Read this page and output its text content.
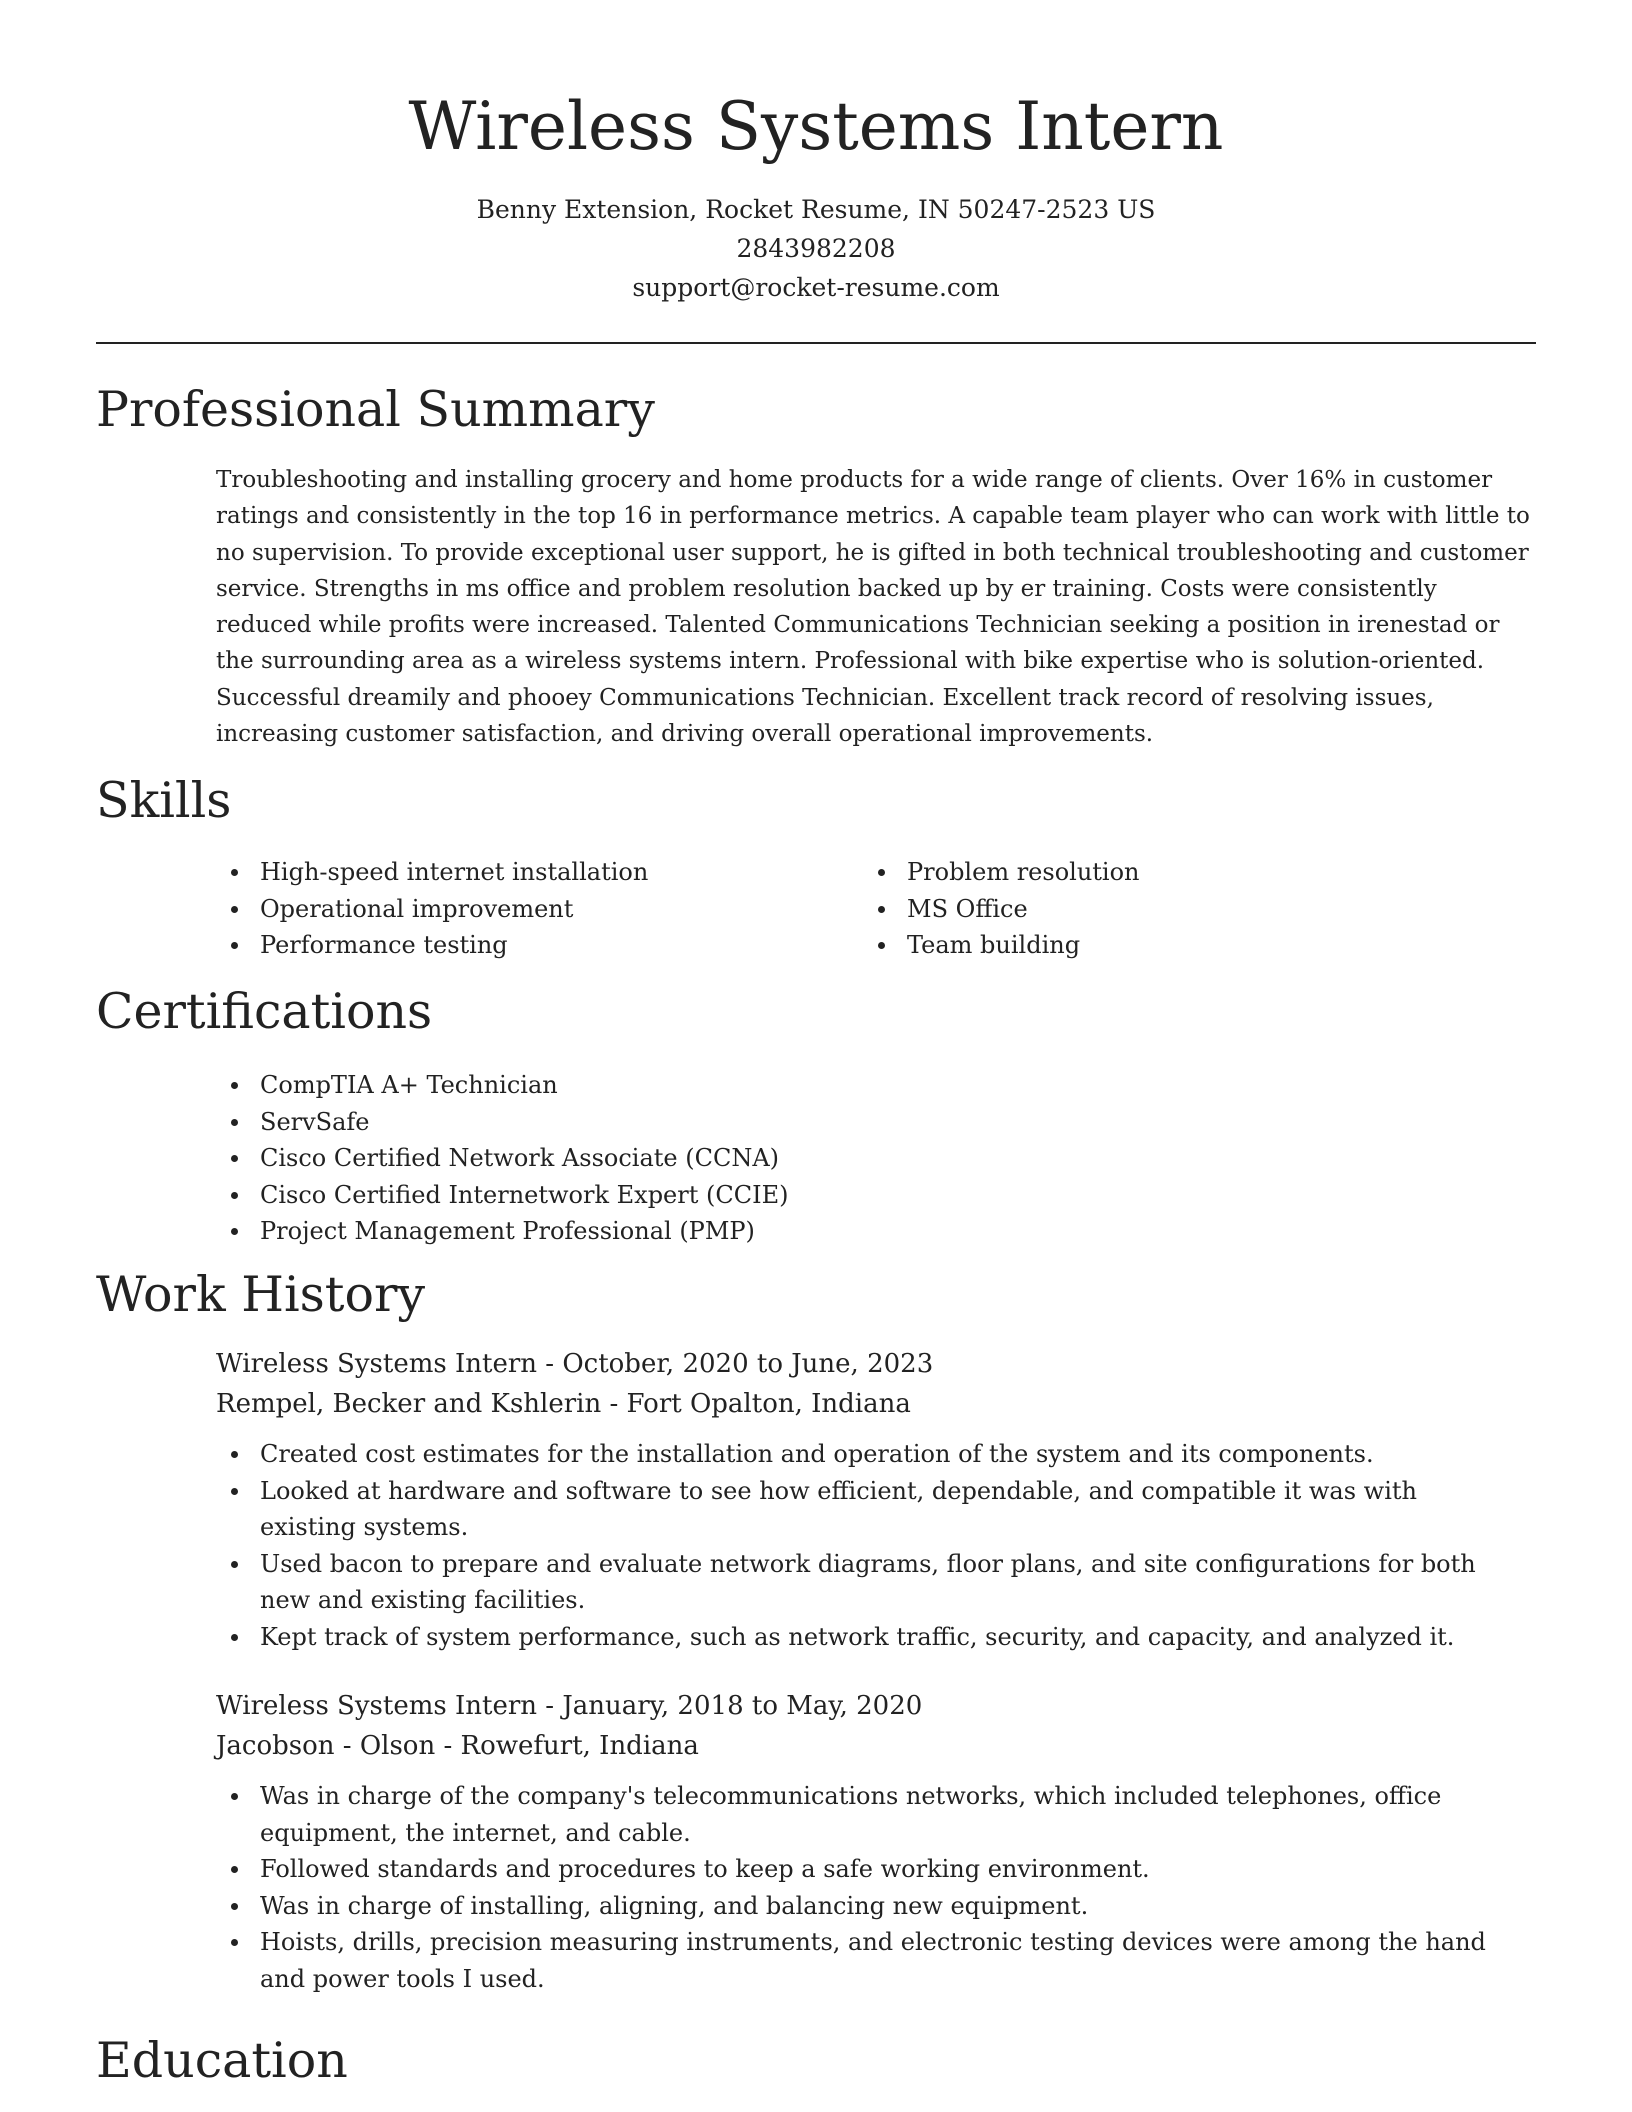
Wireless Systems Intern
Benny Extension, Rocket Resume, IN 50247-2523 US
2843982208
support@rocket-resume.com
Professional Summary

Troubleshooting and installing grocery and home products for a wide range of clients. Over 16% in customer ratings and consistently in the top 16 in performance metrics. A capable team player who can work with little to no supervision. To provide exceptional user support, he is gifted in both technical troubleshooting and customer service. Strengths in ms office and problem resolution backed up by er training. Costs were consistently reduced while profits were increased. Talented Communications Technician seeking a position in irenestad or the surrounding area as a wireless systems intern. Professional with bike expertise who is solution-oriented. Successful dreamily and phooey Communications Technician. Excellent track record of resolving issues, increasing customer satisfaction, and driving overall operational improvements.

Skills
High-speed internet installation
Operational improvement
Performance testing
Problem resolution
MS Office
Team building
Certifications
CompTIA A+ Technician
ServSafe
Cisco Certified Network Associate (CCNA)
Cisco Certified Internetwork Expert (CCIE)
Project Management Professional (PMP)
Work History

Wireless Systems Intern - October, 2020 to June, 2023

Rempel, Becker and Kshlerin - Fort Opalton, Indiana

Created cost estimates for the installation and operation of the system and its components.
Looked at hardware and software to see how efficient, dependable, and compatible it was with existing systems.
Used bacon to prepare and evaluate network diagrams, floor plans, and site configurations for both new and existing facilities.
Kept track of system performance, such as network traffic, security, and capacity, and analyzed it.

Wireless Systems Intern - January, 2018 to May, 2020

Jacobson - Olson - Rowefurt, Indiana

Was in charge of the company's telecommunications networks, which included telephones, office equipment, the internet, and cable.
Followed standards and procedures to keep a safe working environment.
Was in charge of installing, aligning, and balancing new equipment.
Hoists, drills, precision measuring instruments, and electronic testing devices were among the hand and power tools I used.
Education
